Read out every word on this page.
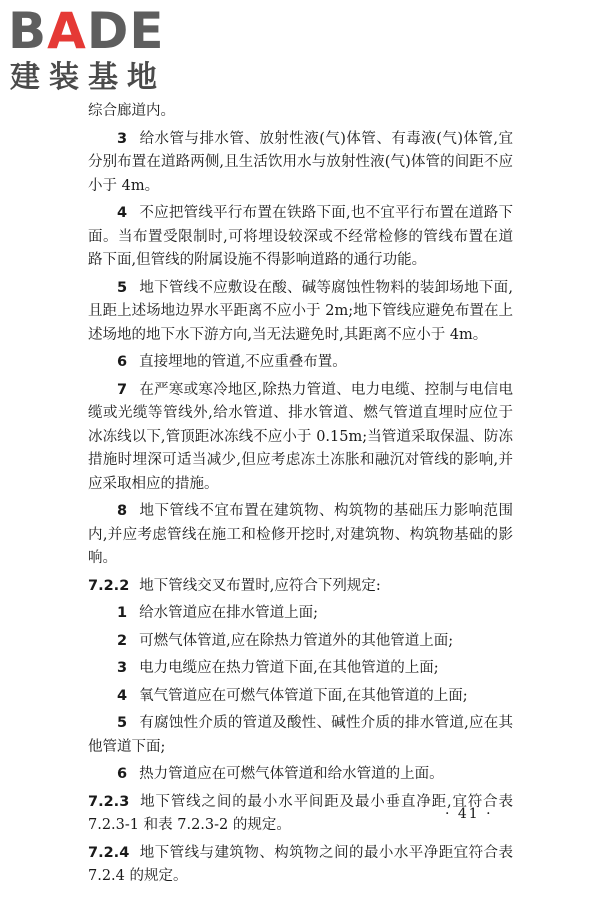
BADE
建装基地

综合廊道内。

3 给水管与排水管、放射性液(气)体管、有毒液(气)体管,宜分别布置在道路两侧,且生活饮用水与放射性液(气)体管的间距不应小于 4m。

4 不应把管线平行布置在铁路下面,也不宜平行布置在道路下面。当布置受限制时,可将埋设较深或不经常检修的管线布置在道路下面,但管线的附属设施不得影响道路的通行功能。

5 地下管线不应敷设在酸、碱等腐蚀性物料的装卸场地下面,且距上述场地边界水平距离不应小于 2m;地下管线应避免布置在上述场地的地下水下游方向,当无法避免时,其距离不应小于 4m。

6 直接埋地的管道,不应重叠布置。

7 在严寒或寒冷地区,除热力管道、电力电缆、控制与电信电缆或光缆等管线外,给水管道、排水管道、燃气管道直埋时应位于冰冻线以下,管顶距冰冻线不应小于 0.15m;当管道采取保温、防冻措施时埋深可适当减少,但应考虑冻土冻胀和融沉对管线的影响,并应采取相应的措施。

8 地下管线不宜布置在建筑物、构筑物的基础压力影响范围内,并应考虑管线在施工和检修开挖时,对建筑物、构筑物基础的影响。

7.2.2 地下管线交叉布置时,应符合下列规定:

1 给水管道应在排水管道上面;

2 可燃气体管道,应在除热力管道外的其他管道上面;

3 电力电缆应在热力管道下面,在其他管道的上面;

4 氧气管道应在可燃气体管道下面,在其他管道的上面;

5 有腐蚀性介质的管道及酸性、碱性介质的排水管道,应在其他管道下面;

6 热力管道应在可燃气体管道和给水管道的上面。

7.2.3 地下管线之间的最小水平间距及最小垂直净距,宜符合表 7.2.3-1 和表 7.2.3-2 的规定。

7.2.4 地下管线与建筑物、构筑物之间的最小水平净距宜符合表 7.2.4 的规定。

· 41 ·
